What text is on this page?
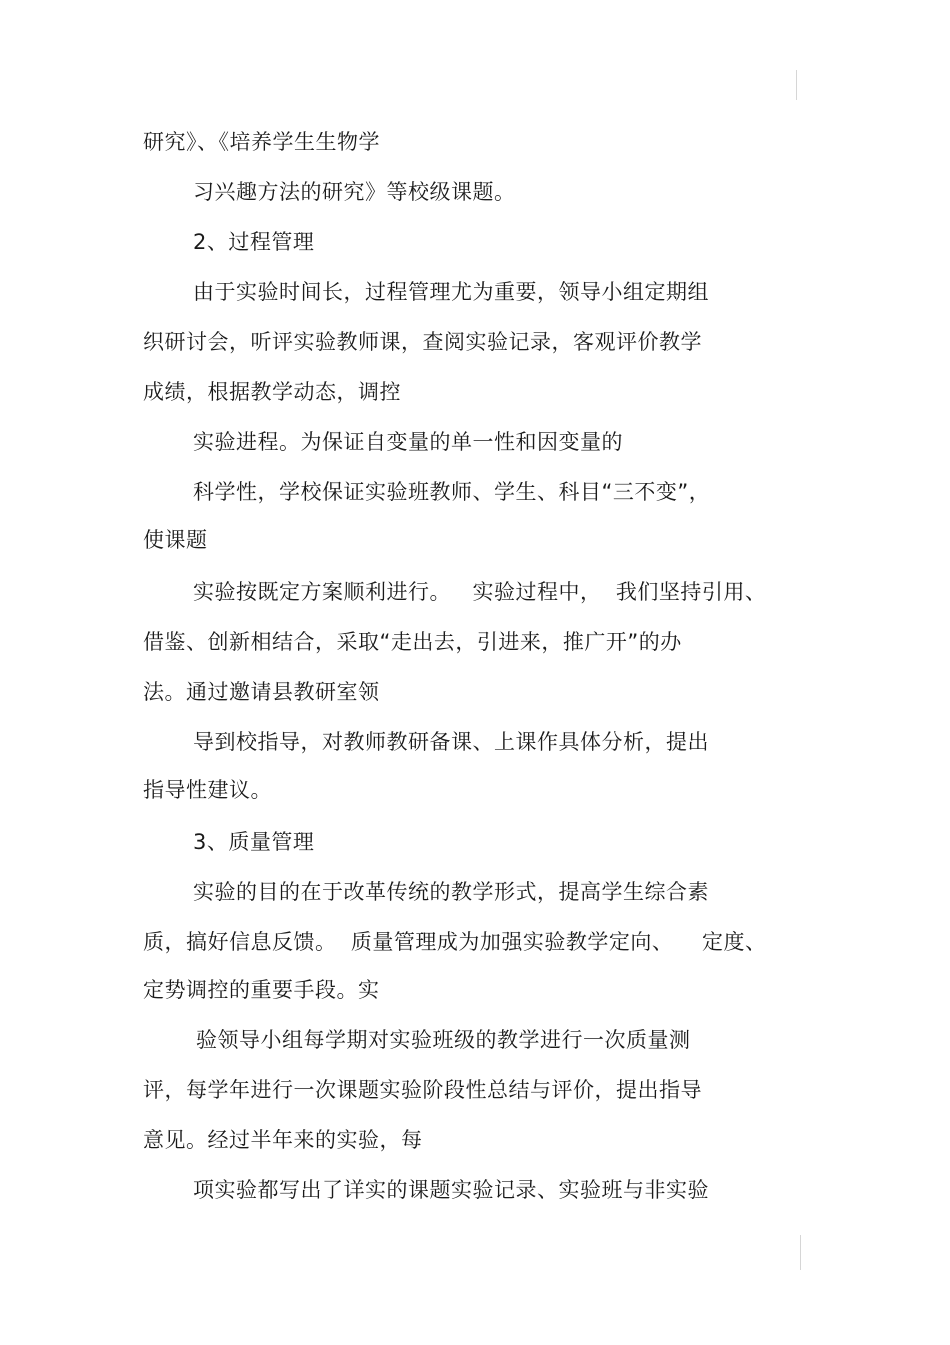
研究》、《培养学生生物学
习兴趣方法的研究》等校级课题。
2、过程管理
由于实验时间长，过程管理尤为重要，领导小组定期组
织研讨会，听评实验教师课，查阅实验记录，客观评价教学
成绩，根据教学动态，调控
实验进程。为保证自变量的单一性和因变量的
科学性，学校保证实验班教师、学生、科目“三不变”，
使课题
实验按既定方案顺利进行。   实验过程中，  我们坚持引用、
借鉴、创新相结合，采取“走出去，引进来，推广开”的办
法。通过邀请县教研室领
导到校指导，对教师教研备课、上课作具体分析，提出
指导性建议。
3、质量管理
实验的目的在于改革传统的教学形式，提高学生综合素
质，搞好信息反馈。  质量管理成为加强实验教学定向、    定度、
定势调控的重要手段。实
验领导小组每学期对实验班级的教学进行一次质量测
评，每学年进行一次课题实验阶段性总结与评价，提出指导
意见。经过半年来的实验，每
项实验都写出了详实的课题实验记录、实验班与非实验
